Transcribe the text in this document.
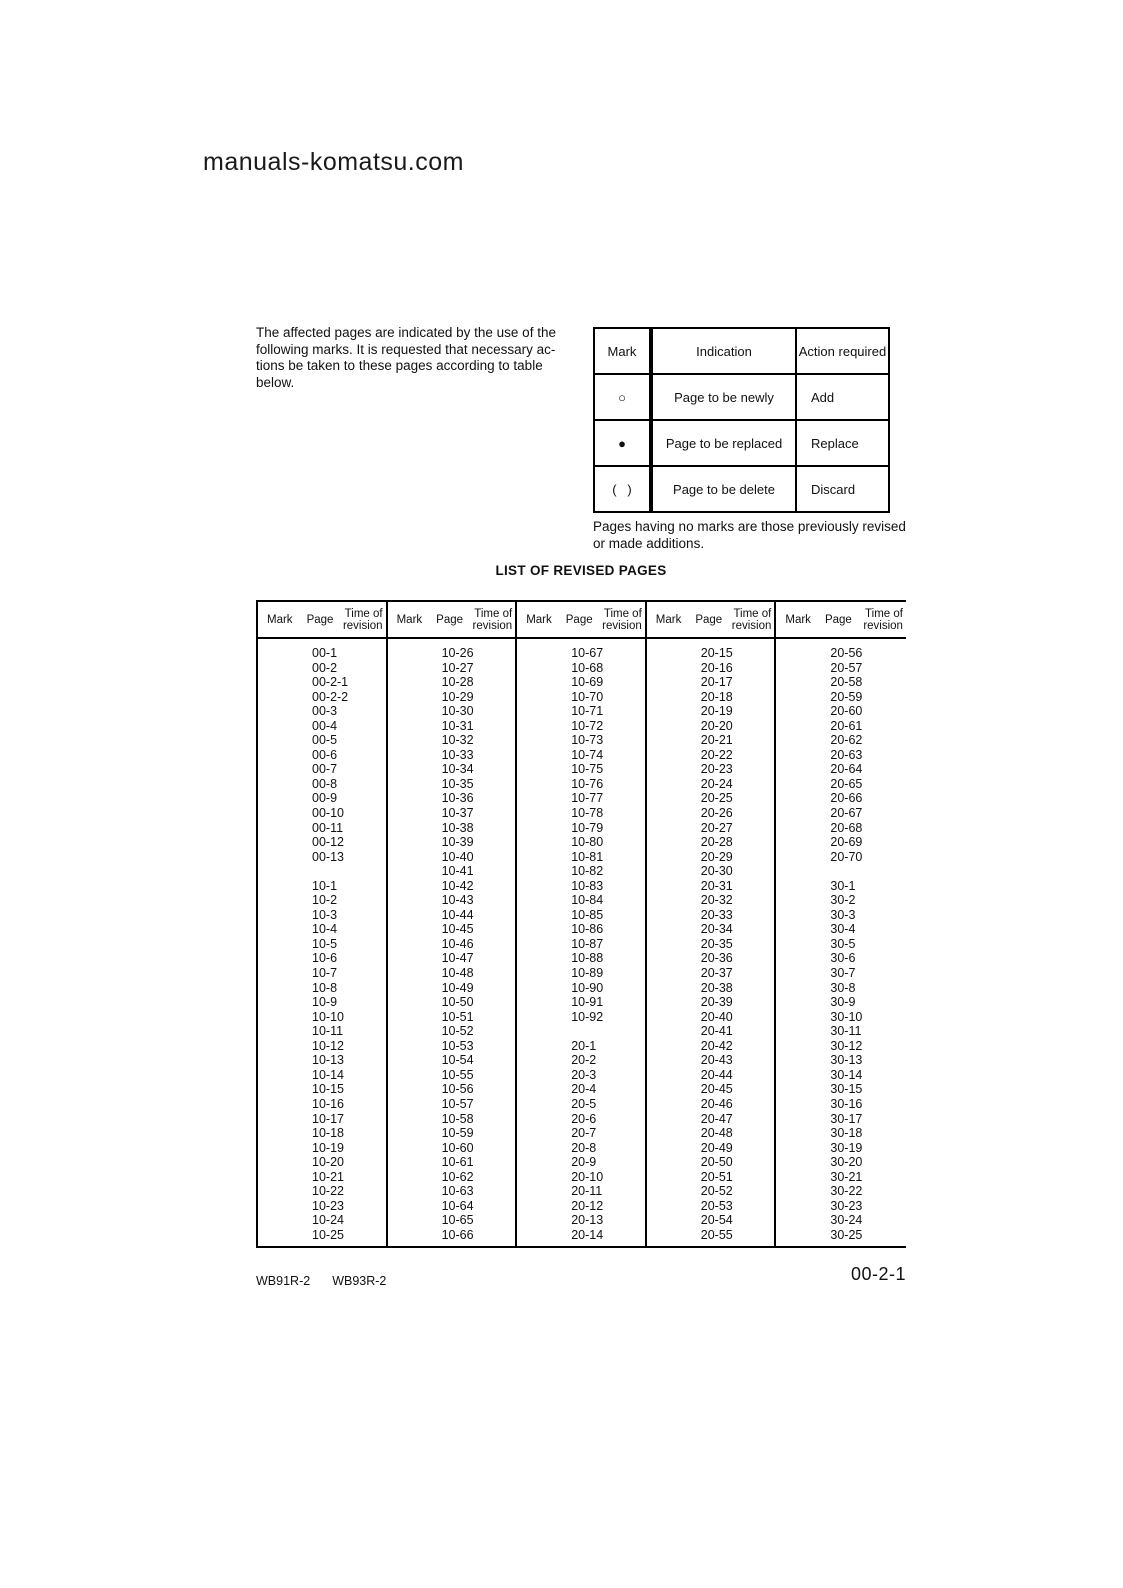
manuals-komatsu.com
The affected pages are indicated by the use of the
following marks. It is requested that necessary ac-
tions be taken to these pages according to table
below.
Mark	Indication	Action required
○	Page to be newly	Add
●	Page to be replaced	Replace
(   )	Page to be delete	Discard
Pages having no marks are those previously revised
or made additions.
LIST OF REVISED PAGES
Mark	Page Time of
revision
00-1
00-2
00-2-1
00-2-2
00-3
00-4
00-5
00-6
00-7
00-8
00-9
00-10
00-11
00-12
00-13
10-1
10-2
10-3
10-4
10-5
10-6
10-7
10-8
10-9
10-10
10-11
10-12
10-13
10-14
10-15
10-16
10-17
10-18
10-19
10-20
10-21
10-22
10-23
10-24
10-25
Mark	Page Time of
revision
10-26
10-27
10-28
10-29
10-30
10-31
10-32
10-33
10-34
10-35
10-36
10-37
10-38
10-39
10-40
10-41
10-42
10-43
10-44
10-45
10-46
10-47
10-48
10-49
10-50
10-51
10-52
10-53
10-54
10-55
10-56
10-57
10-58
10-59
10-60
10-61
10-62
10-63
10-64
10-65
10-66
Mark	Page Time of
revision
10-67
10-68
10-69
10-70
10-71
10-72
10-73
10-74
10-75
10-76
10-77
10-78
10-79
10-80
10-81
10-82
10-83
10-84
10-85
10-86
10-87
10-88
10-89
10-90
10-91
10-92
20-1
20-2
20-3
20-4
20-5
20-6
20-7
20-8
20-9
20-10
20-11
20-12
20-13
20-14
Mark	Page Time of
revision
20-15
20-16
20-17
20-18
20-19
20-20
20-21
20-22
20-23
20-24
20-25
20-26
20-27
20-28
20-29
20-30
20-31
20-32
20-33
20-34
20-35
20-36
20-37
20-38
20-39
20-40
20-41
20-42
20-43
20-44
20-45
20-46
20-47
20-48
20-49
20-50
20-51
20-52
20-53
20-54
20-55
Mark	Page	Time of
revision
20-56
20-57
20-58
20-59
20-60
20-61
20-62
20-63
20-64
20-65
20-66
20-67
20-68
20-69
20-70
30-1
30-2
30-3
30-4
30-5
30-6
30-7
30-8
30-9
30-10
30-11
30-12
30-13
30-14
30-15
30-16
30-17
30-18
30-19
30-20
30-21
30-22
30-23
30-24
30-25
WB91R-2 WB93R-2	00-2-1
